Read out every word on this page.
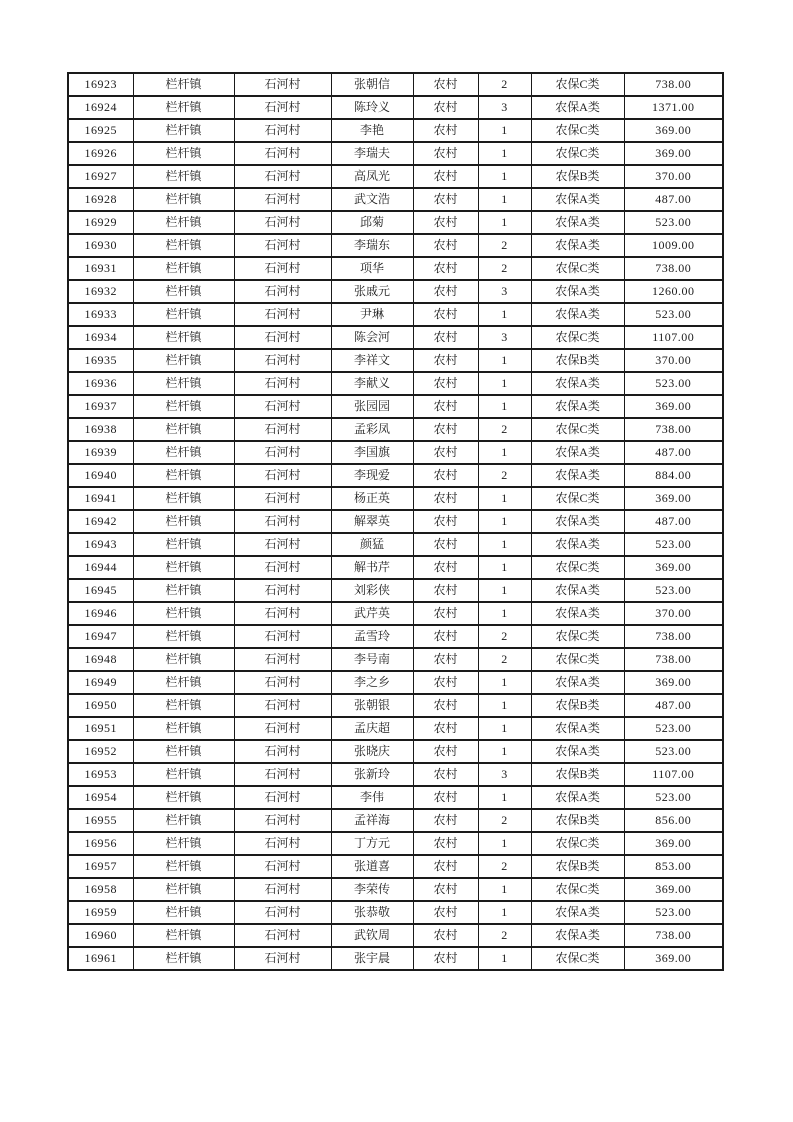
16923	栏杆镇	石河村	张朝信	农村	2	农保C类	738.00
16924	栏杆镇	石河村	陈玲义	农村	3	农保A类	1371.00
16925	栏杆镇	石河村	李艳	农村	1	农保C类	369.00
16926	栏杆镇	石河村	李瑞夫	农村	1	农保C类	369.00
16927	栏杆镇	石河村	高凤光	农村	1	农保B类	370.00
16928	栏杆镇	石河村	武文浩	农村	1	农保A类	487.00
16929	栏杆镇	石河村	邱菊	农村	1	农保A类	523.00
16930	栏杆镇	石河村	李瑞东	农村	2	农保A类	1009.00
16931	栏杆镇	石河村	项华	农村	2	农保C类	738.00
16932	栏杆镇	石河村	张戚元	农村	3	农保A类	1260.00
16933	栏杆镇	石河村	尹琳	农村	1	农保A类	523.00
16934	栏杆镇	石河村	陈会河	农村	3	农保C类	1107.00
16935	栏杆镇	石河村	李祥文	农村	1	农保B类	370.00
16936	栏杆镇	石河村	李献义	农村	1	农保A类	523.00
16937	栏杆镇	石河村	张园园	农村	1	农保A类	369.00
16938	栏杆镇	石河村	孟彩凤	农村	2	农保C类	738.00
16939	栏杆镇	石河村	李国旗	农村	1	农保A类	487.00
16940	栏杆镇	石河村	李现爱	农村	2	农保A类	884.00
16941	栏杆镇	石河村	杨正英	农村	1	农保C类	369.00
16942	栏杆镇	石河村	解翠英	农村	1	农保A类	487.00
16943	栏杆镇	石河村	颜猛	农村	1	农保A类	523.00
16944	栏杆镇	石河村	解书芹	农村	1	农保C类	369.00
16945	栏杆镇	石河村	刘彩侠	农村	1	农保A类	523.00
16946	栏杆镇	石河村	武芹英	农村	1	农保A类	370.00
16947	栏杆镇	石河村	孟雪玲	农村	2	农保C类	738.00
16948	栏杆镇	石河村	李号南	农村	2	农保C类	738.00
16949	栏杆镇	石河村	李之乡	农村	1	农保A类	369.00
16950	栏杆镇	石河村	张朝银	农村	1	农保B类	487.00
16951	栏杆镇	石河村	孟庆超	农村	1	农保A类	523.00
16952	栏杆镇	石河村	张晓庆	农村	1	农保A类	523.00
16953	栏杆镇	石河村	张新玲	农村	3	农保B类	1107.00
16954	栏杆镇	石河村	李伟	农村	1	农保A类	523.00
16955	栏杆镇	石河村	孟祥海	农村	2	农保B类	856.00
16956	栏杆镇	石河村	丁方元	农村	1	农保C类	369.00
16957	栏杆镇	石河村	张道喜	农村	2	农保B类	853.00
16958	栏杆镇	石河村	李荣传	农村	1	农保C类	369.00
16959	栏杆镇	石河村	张恭敬	农村	1	农保A类	523.00
16960	栏杆镇	石河村	武钦周	农村	2	农保A类	738.00
16961	栏杆镇	石河村	张宇晨	农村	1	农保C类	369.00
